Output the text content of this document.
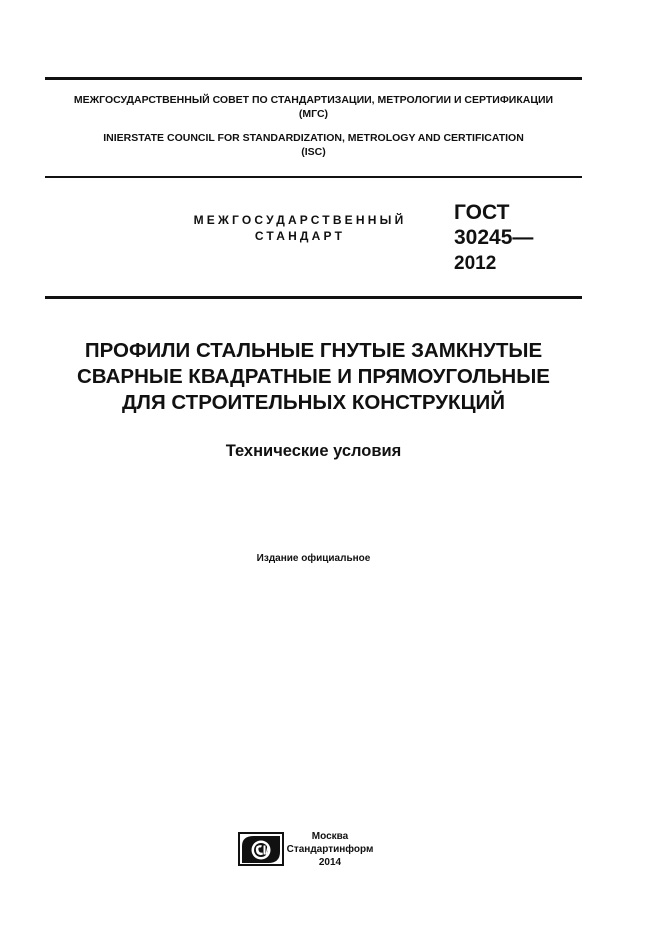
МЕЖГОСУДАРСТВЕННЫЙ СОВЕТ ПО СТАНДАРТИЗАЦИИ, МЕТРОЛОГИИ И СЕРТИФИКАЦИИ
(МГС)
INIERSTATE COUNCIL FOR STANDARDIZATION, METROLOGY AND CERTIFICATION
(ISC)
МЕЖГОСУДАРСТВЕННЫЙ
СТАНДАРТ
ГОСТ
30245—
2012
ПРОФИЛИ СТАЛЬНЫЕ ГНУТЫЕ ЗАМКНУТЫЕ
СВАРНЫЕ КВАДРАТНЫЕ И ПРЯМОУГОЛЬНЫЕ
ДЛЯ СТРОИТЕЛЬНЫХ КОНСТРУКЦИЙ
Технические условия
Издание официальное
Москва
Стандартинформ
2014
